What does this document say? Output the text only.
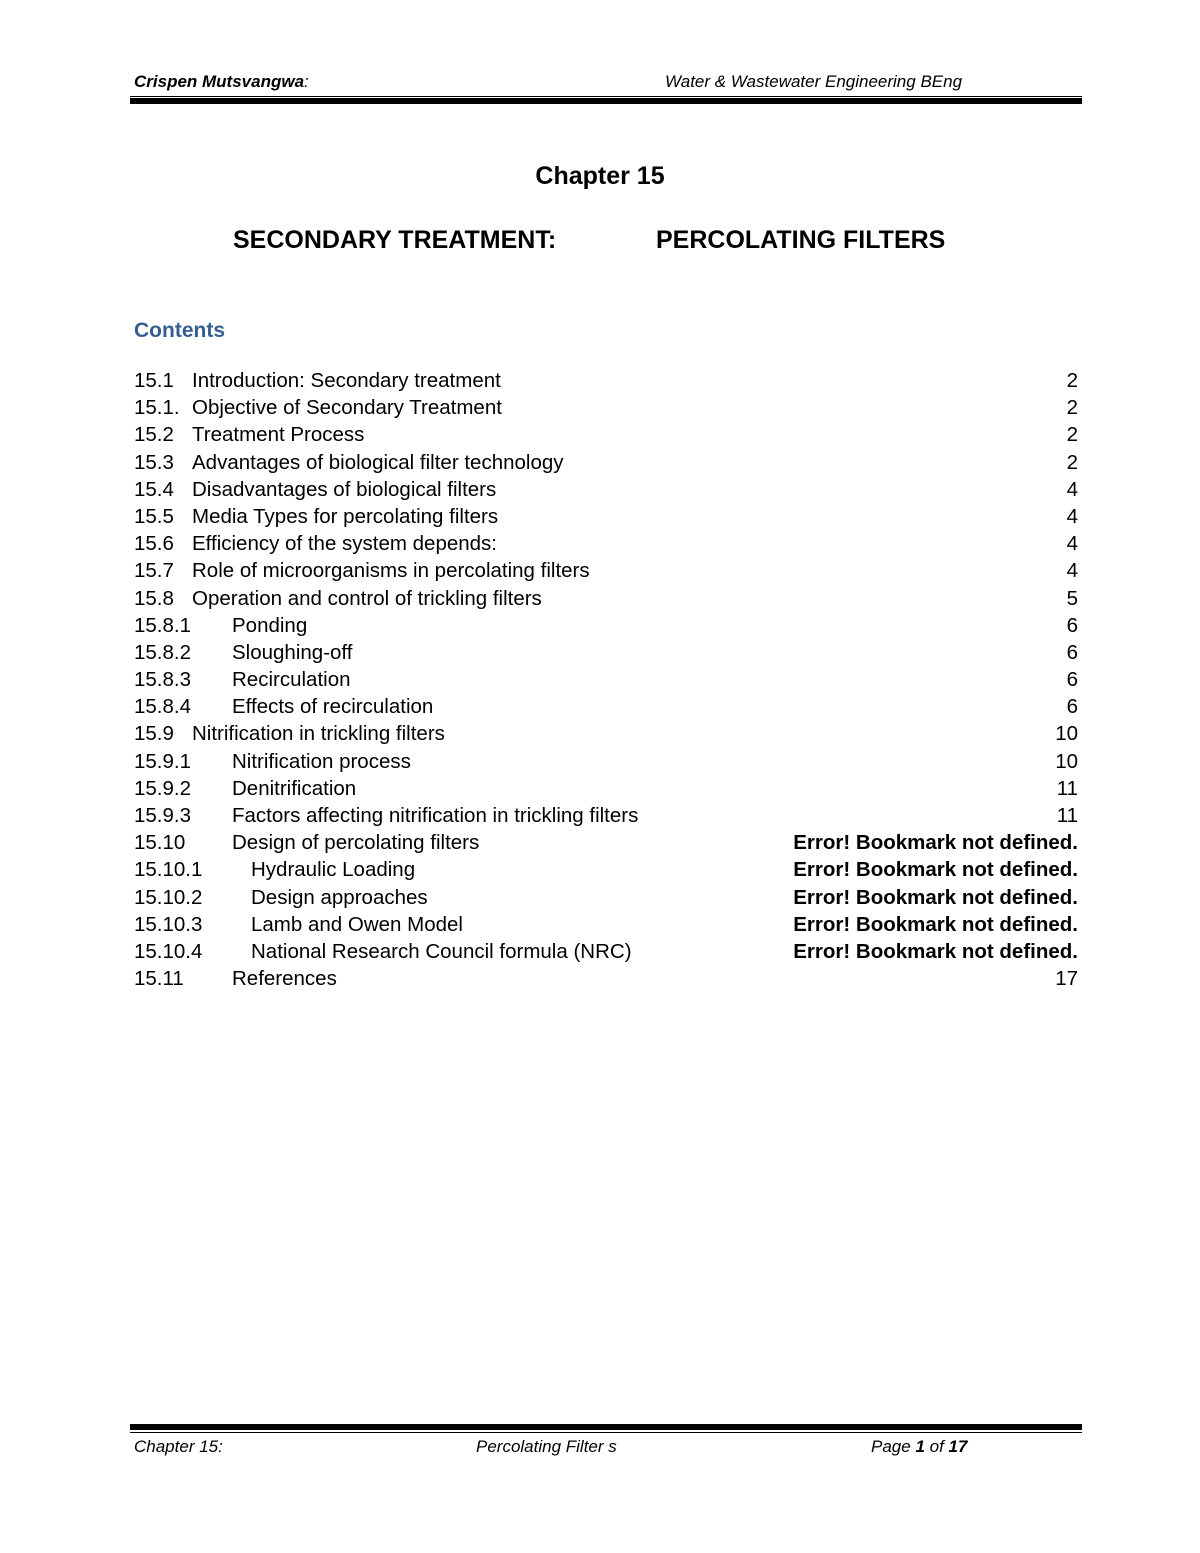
Crispen Mutsvangwa:	Water & Wastewater Engineering BEng
Chapter 15
SECONDARY TREATMENT:	PERCOLATING FILTERS
Contents
15.1 Introduction: Secondary treatment	2
15.1. Objective of Secondary Treatment	2
15.2 Treatment Process	2
15.3 Advantages of biological filter technology	2
15.4 Disadvantages of biological filters	4
15.5 Media Types for percolating filters	4
15.6 Efficiency of the system depends:	4
15.7 Role of microorganisms in percolating filters	4
15.8 Operation and control of trickling filters	5
15.8.1 Ponding	6
15.8.2 Sloughing-off	6
15.8.3 Recirculation	6
15.8.4 Effects of recirculation	6
15.9 Nitrification in trickling filters	10
15.9.1 Nitrification process	10
15.9.2 Denitrification	11
15.9.3 Factors affecting nitrification in trickling filters	11
15.10 Design of percolating filters	Error! Bookmark not defined.
15.10.1 Hydraulic Loading	Error! Bookmark not defined.
15.10.2 Design approaches	Error! Bookmark not defined.
15.10.3 Lamb and Owen Model	Error! Bookmark not defined.
15.10.4 National Research Council formula (NRC)	Error! Bookmark not defined.
15.11 References	17
Chapter 15:	Percolating Filter s	Page 1 of 17
